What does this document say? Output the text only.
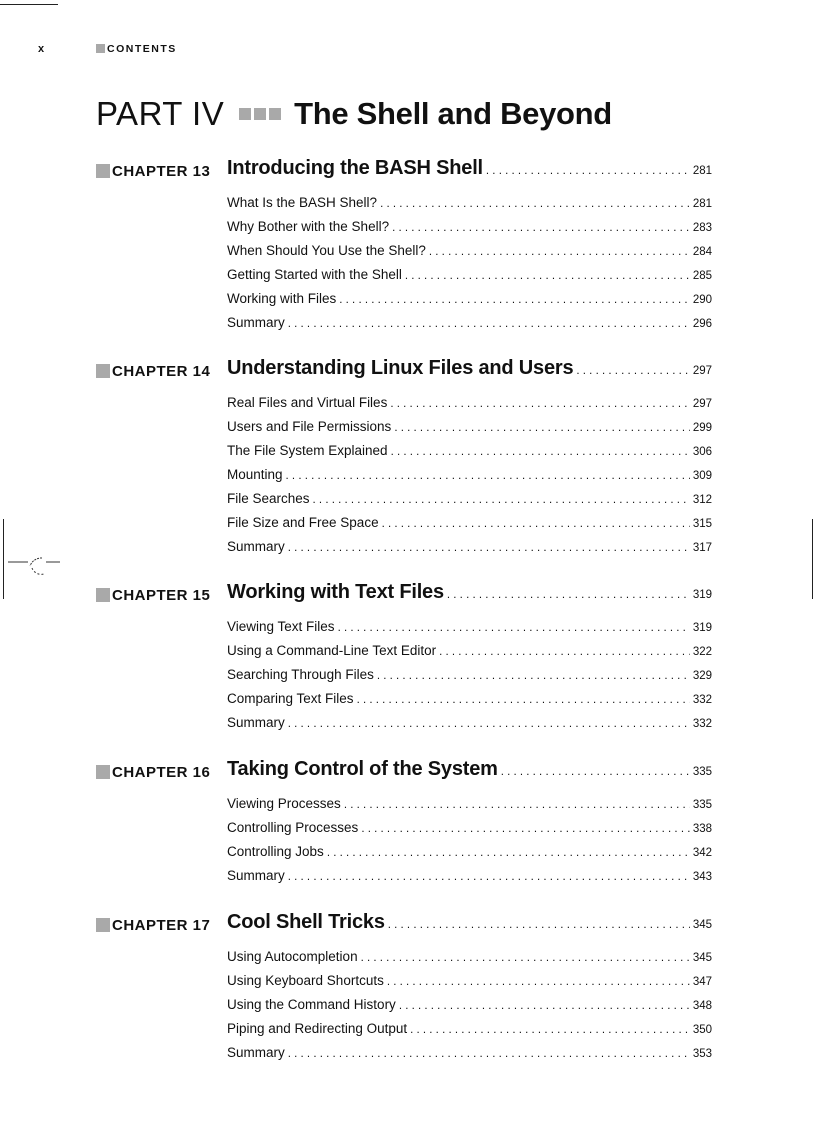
x	CONTENTS
PART IV The Shell and Beyond
CHAPTER 13 Introducing the BASH Shell . . .	281
What Is the BASH Shell? . . .	281
Why Bother with the Shell? . . .	283
When Should You Use the Shell? . . .	284
Getting Started with the Shell . . .	285
Working with Files . . .	290
Summary . . .	296
CHAPTER 14 Understanding Linux Files and Users . . .	297
Real Files and Virtual Files . . .	297
Users and File Permissions . . .	299
The File System Explained . . .	306
Mounting . . .	309
File Searches . . .	312
File Size and Free Space . . .	315
Summary . . .	317
CHAPTER 15 Working with Text Files . . .	319
Viewing Text Files . . .	319
Using a Command-Line Text Editor . . .	322
Searching Through Files . . .	329
Comparing Text Files . . .	332
Summary . . .	332
CHAPTER 16 Taking Control of the System . . .	335
Viewing Processes . . .	335
Controlling Processes . . .	338
Controlling Jobs . . .	342
Summary . . .	343
CHAPTER 17 Cool Shell Tricks . . .	345
Using Autocompletion . . .	345
Using Keyboard Shortcuts . . .	347
Using the Command History . . .	348
Piping and Redirecting Output . . .	350
Summary . . .	353
